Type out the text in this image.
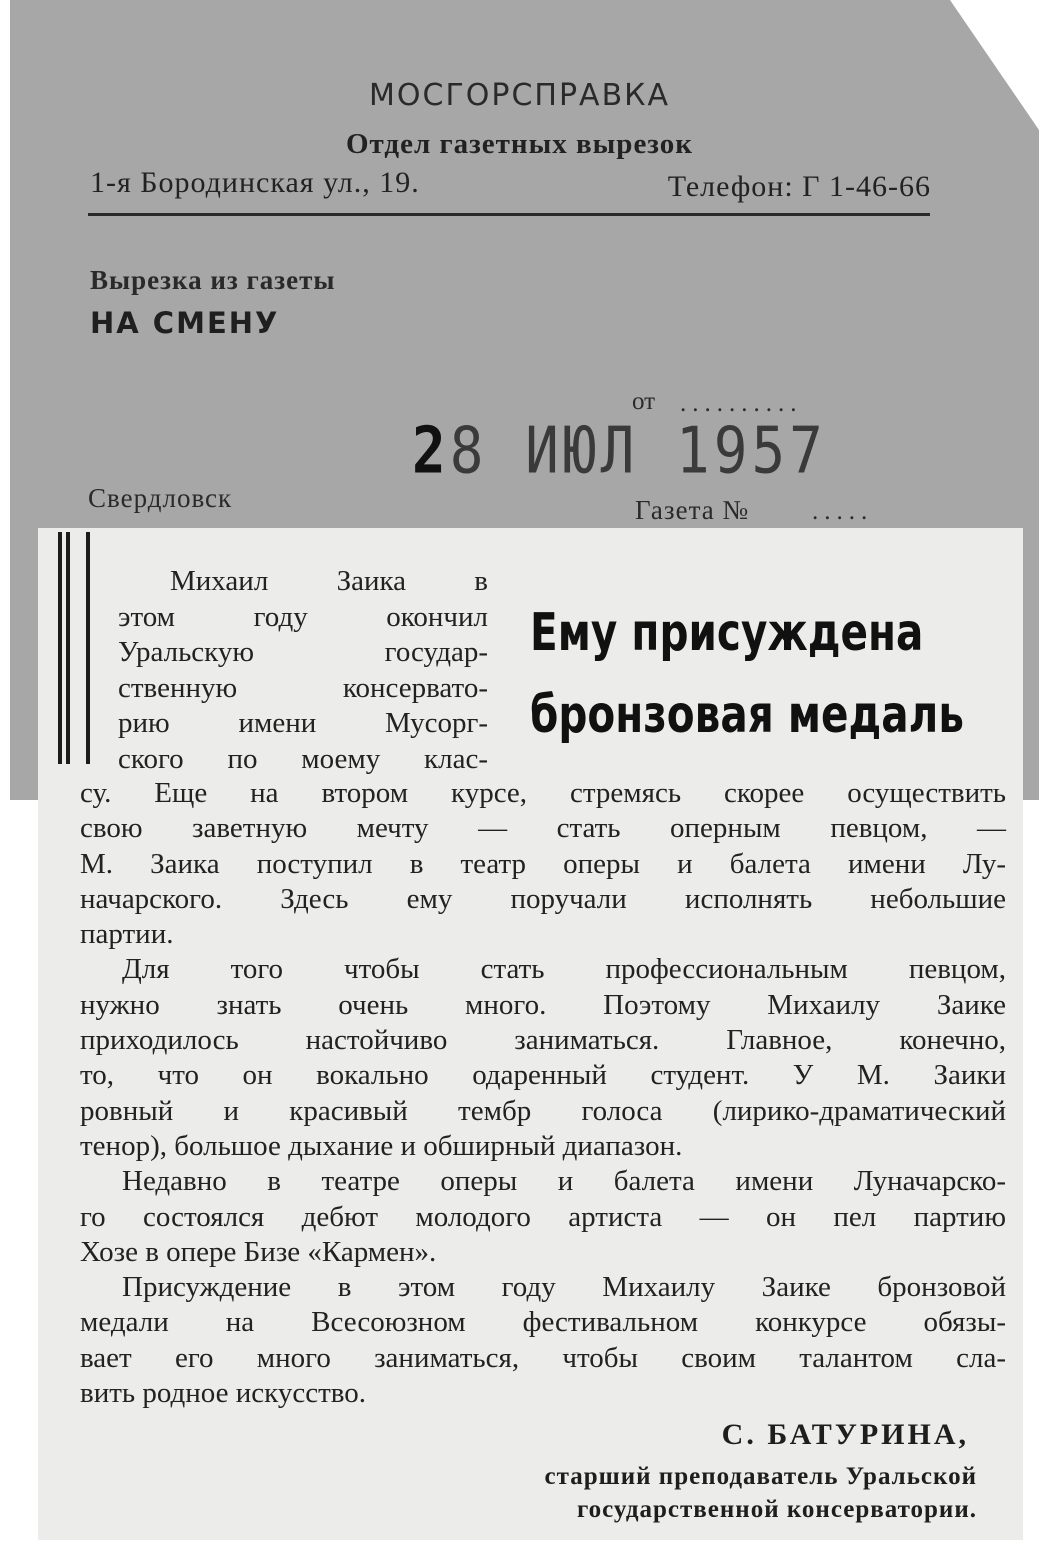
МОСГОРСПРАВКА
Отдел газетных вырезок
1-я Бородинская ул., 19.	Телефон: Г 1-46-66
Вырезка из газеты
НА СМЕНУ
от ..........
28 ИЮЛ 1957
Свердловск	Газета №	.....
Михаил Заика в
этом году окончил
Уральскую государ-
ственную консервато-
рию имени Мусорг-
ского по моему клас-
Ему присуждена
бронзовая медаль
су. Еще на втором курсе, стремясь скорее осуществить
свою заветную мечту — стать оперным певцом, —
М. Заика поступил в театр оперы и балета имени Лу-
начарского. Здесь ему поручали исполнять небольшие
партии.
Для того чтобы стать профессиональным певцом,
нужно знать очень много. Поэтому Михаилу Заике
приходилось настойчиво заниматься. Главное, конечно,
то, что он вокально одаренный студент. У М. Заики
ровный и красивый тембр голоса (лирико-драматический
тенор), большое дыхание и обширный диапазон.
Недавно в театре оперы и балета имени Луначарско-
го состоялся дебют молодого артиста — он пел партию
Хозе в опере Бизе «Кармен».
Присуждение в этом году Михаилу Заике бронзовой
медали на Всесоюзном фестивальном конкурсе обязы-
вает его много заниматься, чтобы своим талантом сла-
вить родное искусство.
С. БАТУРИНА,
старший преподаватель Уральской
государственной консерватории.
